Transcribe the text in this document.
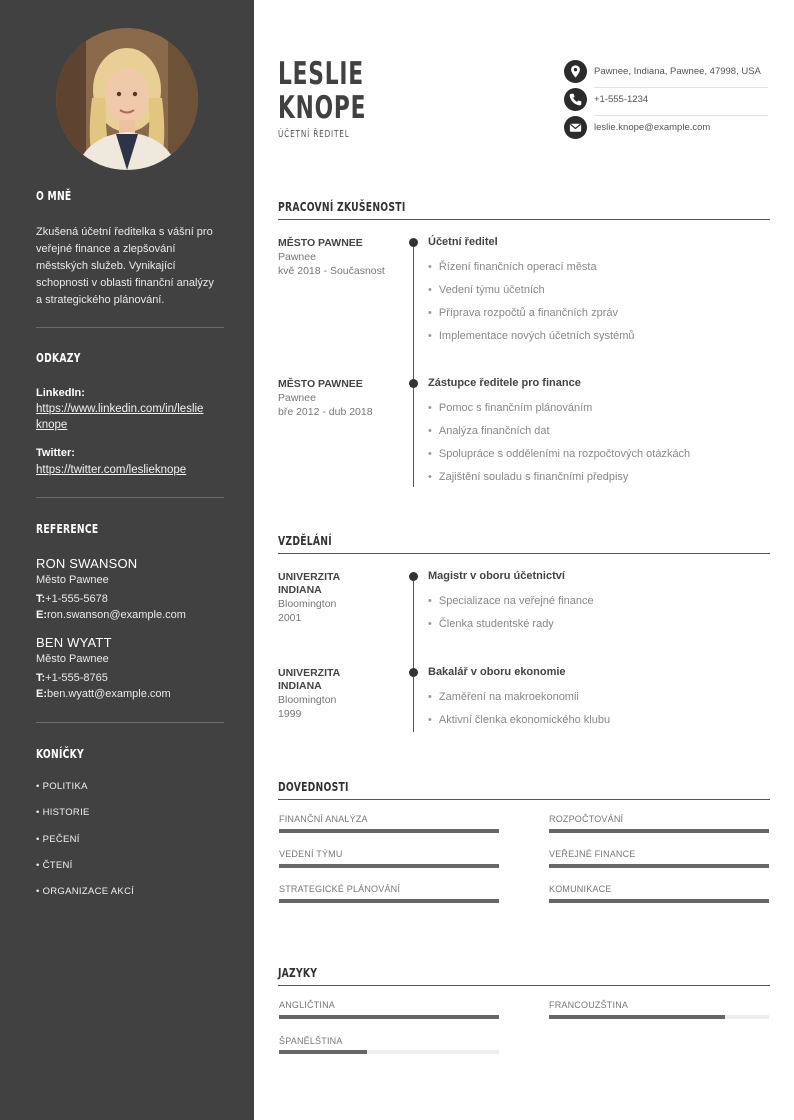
O MNĚ
Zkušená účetní ředitelka s vášní pro veřejné finance a zlepšování městských služeb. Vynikající schopnosti v oblasti finanční analýzy a strategického plánování.
ODKAZY
LinkedIn:
https://www.linkedin.com/in/leslie knope
Twitter:
https://twitter.com/leslieknope
REFERENCE
RON SWANSON
Město Pawnee
T:+1-555-5678
E:ron.swanson@example.com
BEN WYATT
Město Pawnee
T:+1-555-8765
E:ben.wyatt@example.com
KONÍČKY
• POLITIKA
• HISTORIE
• PEČENÍ
• ČTENÍ
• ORGANIZACE AKCÍ
LESLIE
KNOPE
ÚČETNÍ ŘEDITEL
Pawnee, Indiana, Pawnee, 47998, USA
+1-555-1234
leslie.knope@example.com
PRACOVNÍ ZKUŠENOSTI
MĚSTO PAWNEE
Pawnee
kvě 2018 - Současnost
Účetní ředitel
• Řízení finančních operací města
• Vedení týmu účetních
• Příprava rozpočtů a finančních zpráv
• Implementace nových účetních systémů
MĚSTO PAWNEE
Pawnee
bře 2012 - dub 2018
Zástupce ředitele pro finance
• Pomoc s finančním plánováním
• Analýza finančních dat
• Spolupráce s odděleními na rozpočtových otázkách
• Zajištění souladu s finančními předpisy
VZDĚLÁNÍ
UNIVERZITA INDIANA
Bloomington
2001
Magistr v oboru účetnictví
• Specializace na veřejné finance
• Členka studentské rady
UNIVERZITA INDIANA
Bloomington
1999
Bakalář v oboru ekonomie
• Zaměření na makroekonomii
• Aktivní členka ekonomického klubu
DOVEDNOSTI
FINANČNÍ ANALÝZA	ROZPOČTOVÁNÍ
VEDENÍ TÝMU	VEŘEJNÉ FINANCE
STRATEGICKÉ PLÁNOVÁNÍ	KOMUNIKACE
JAZYKY
ANGLIČTINA	FRANCOUZŠTINA
ŠPANĚLŠTINA
